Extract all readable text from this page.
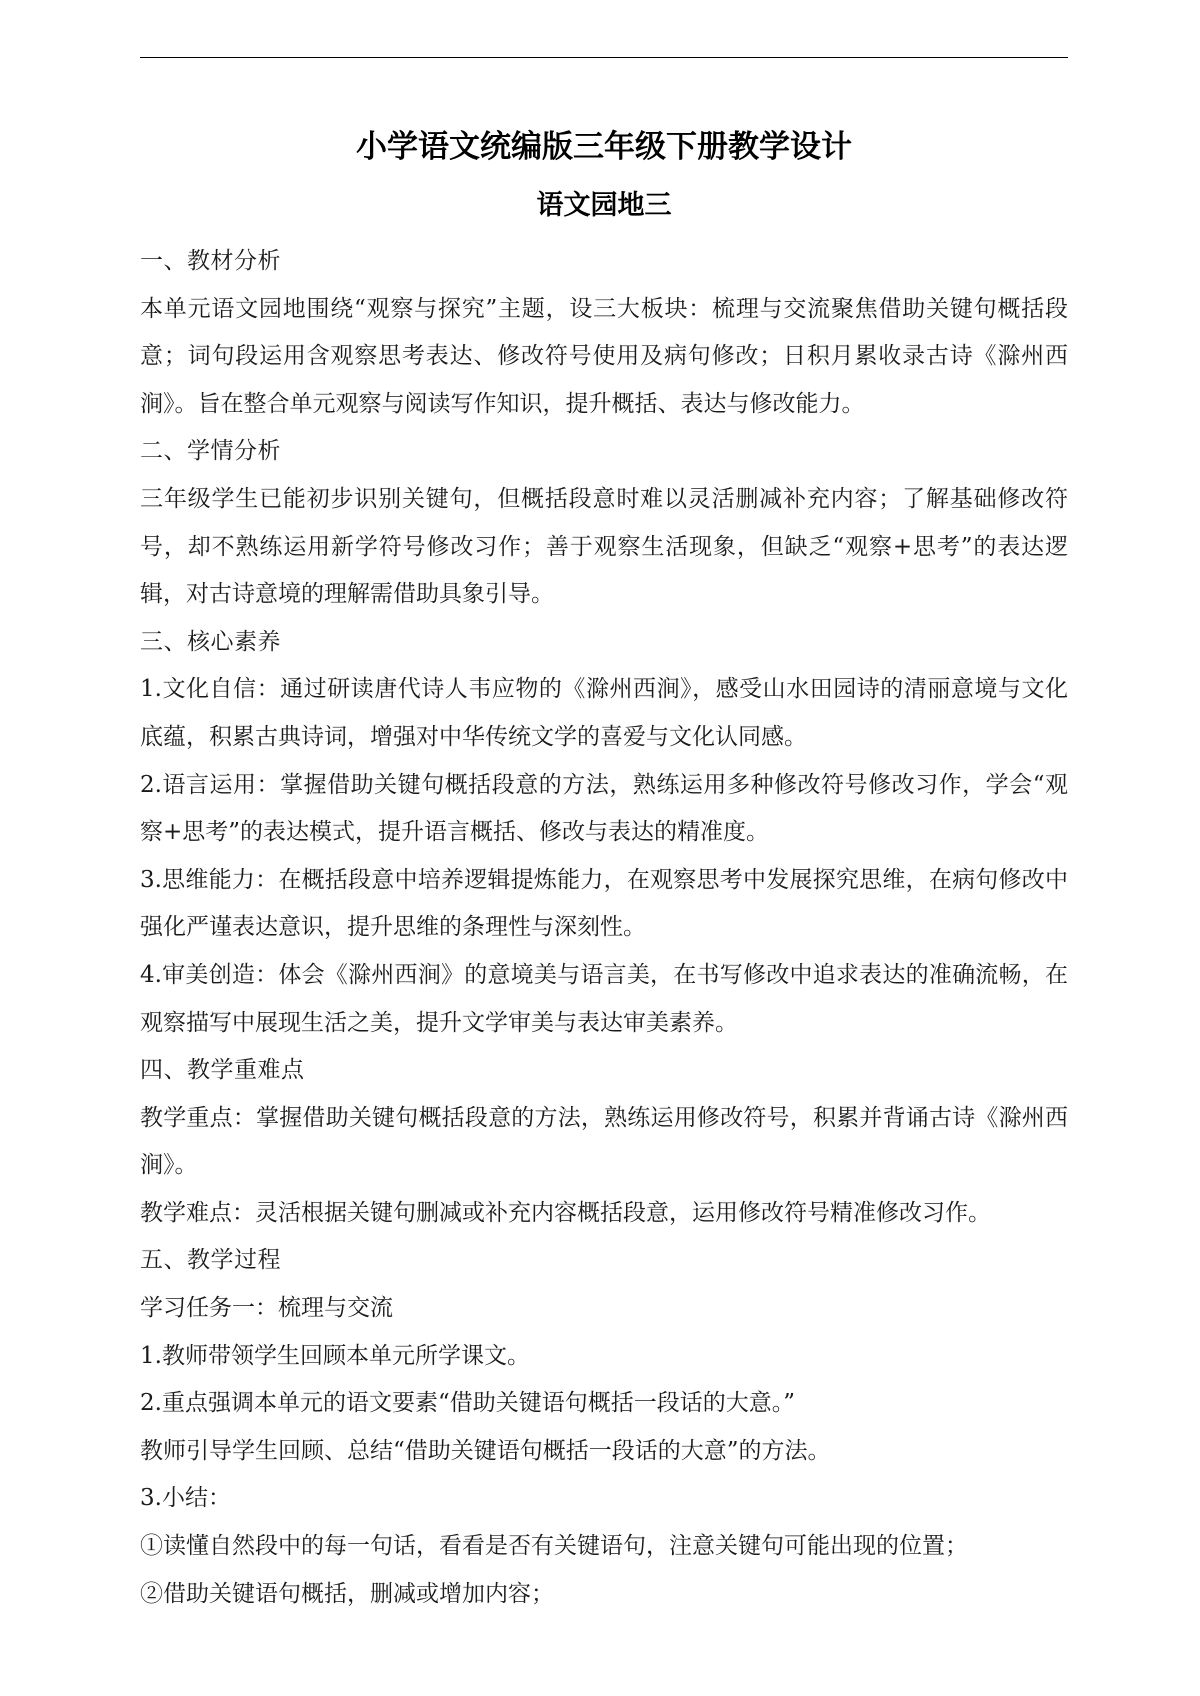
小学语文统编版三年级下册教学设计
语文园地三

一、教材分析

本单元语文园地围绕“观察与探究”主题，设三大板块：梳理与交流聚焦借助关键句概括段意；词句段运用含观察思考表达、修改符号使用及病句修改；日积月累收录古诗《滁州西涧》。旨在整合单元观察与阅读写作知识，提升概括、表达与修改能力。

二、学情分析

三年级学生已能初步识别关键句，但概括段意时难以灵活删减补充内容；了解基础修改符号，却不熟练运用新学符号修改习作；善于观察生活现象，但缺乏“观察+思考”的表达逻辑，对古诗意境的理解需借助具象引导。

三、核心素养

1.文化自信：通过研读唐代诗人韦应物的《滁州西涧》，感受山水田园诗的清丽意境与文化底蕴，积累古典诗词，增强对中华传统文学的喜爱与文化认同感。

2.语言运用：掌握借助关键句概括段意的方法，熟练运用多种修改符号修改习作，学会“观察+思考”的表达模式，提升语言概括、修改与表达的精准度。

3.思维能力：在概括段意中培养逻辑提炼能力，在观察思考中发展探究思维，在病句修改中强化严谨表达意识，提升思维的条理性与深刻性。

4.审美创造：体会《滁州西涧》的意境美与语言美，在书写修改中追求表达的准确流畅，在观察描写中展现生活之美，提升文学审美与表达审美素养。

四、教学重难点

教学重点：掌握借助关键句概括段意的方法，熟练运用修改符号，积累并背诵古诗《滁州西涧》。

教学难点：灵活根据关键句删减或补充内容概括段意，运用修改符号精准修改习作。

五、教学过程

学习任务一：梳理与交流

1.教师带领学生回顾本单元所学课文。

2.重点强调本单元的语文要素“借助关键语句概括一段话的大意。”

教师引导学生回顾、总结“借助关键语句概括一段话的大意”的方法。

3.小结：

①读懂自然段中的每一句话，看看是否有关键语句，注意关键句可能出现的位置；

②借助关键语句概括，删减或增加内容；
